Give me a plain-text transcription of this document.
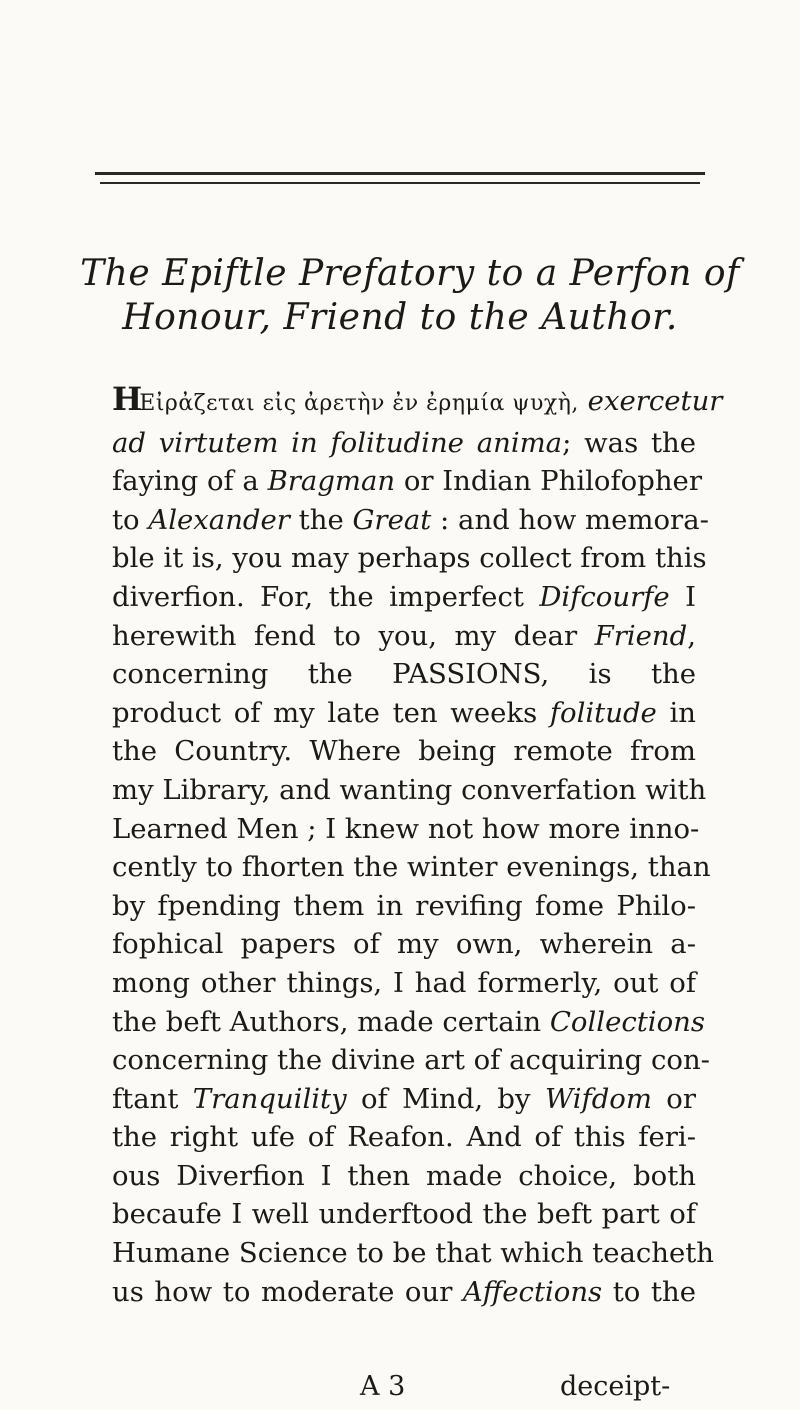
The Epiftle Prefatory to a Perfon of
Honour, Friend to the Author.
HEἰρἀζεται εἰς ἀρετὴν ἐν ἐρημία ψυχὴ, exercetur
ad virtutem in folitudine anima; was the
faying of a Bragman or Indian Philofopher
to Alexander the Great : and how memora-
ble it is, you may perhaps collect from this
diverfion. For, the imperfect Difcourfe I
herewith fend to you, my dear Friend,
concerning the PASSIONS, is the
product of my late ten weeks folitude in
the Country. Where being remote from
my Library, and wanting converfation with
Learned Men ; I knew not how more inno-
cently to fhorten the winter evenings, than
by fpending them in revifing fome Philo-
fophical papers of my own, wherein a-
mong other things, I had formerly, out of
the beft Authors, made certain Collections
concerning the divine art of acquiring con-
ftant Tranquility of Mind, by Wifdom or
the right ufe of Reafon. And of this feri-
ous Diverfion I then made choice, both
becaufe I well underftood the beft part of
Humane Science to be that which teacheth
us how to moderate our Affections to the
A 3	deceipt-
